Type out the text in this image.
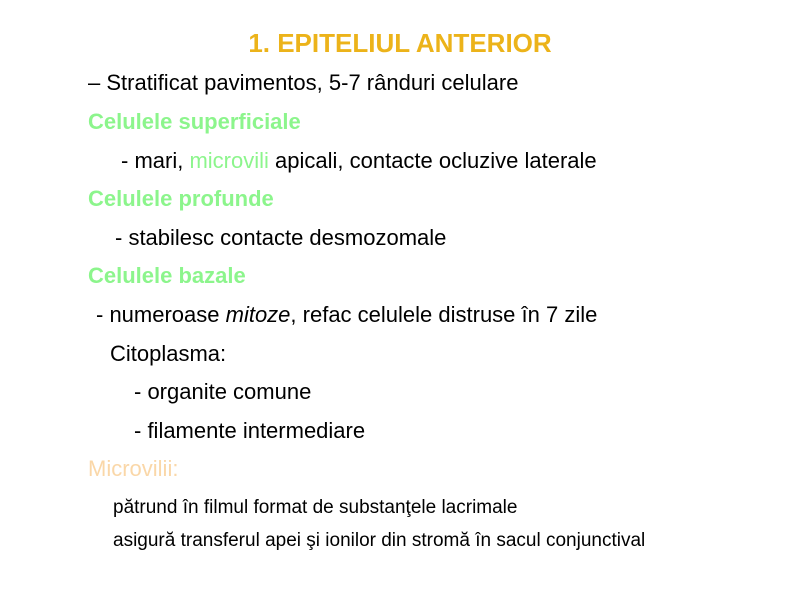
1. EPITELIUL ANTERIOR
– Stratificat pavimentos, 5-7 rânduri celulare
Celulele superficiale
- mari, microvili apicali, contacte ocluzive laterale
Celulele profunde
- stabilesc contacte desmozomale
Celulele bazale
- numeroase mitoze, refac celulele distruse în 7 zile
Citoplasma:
- organite comune
- filamente intermediare
Microvilii:
pătrund în filmul format de substanţele lacrimale
asigură transferul apei şi ionilor din stromă în sacul conjunctival
